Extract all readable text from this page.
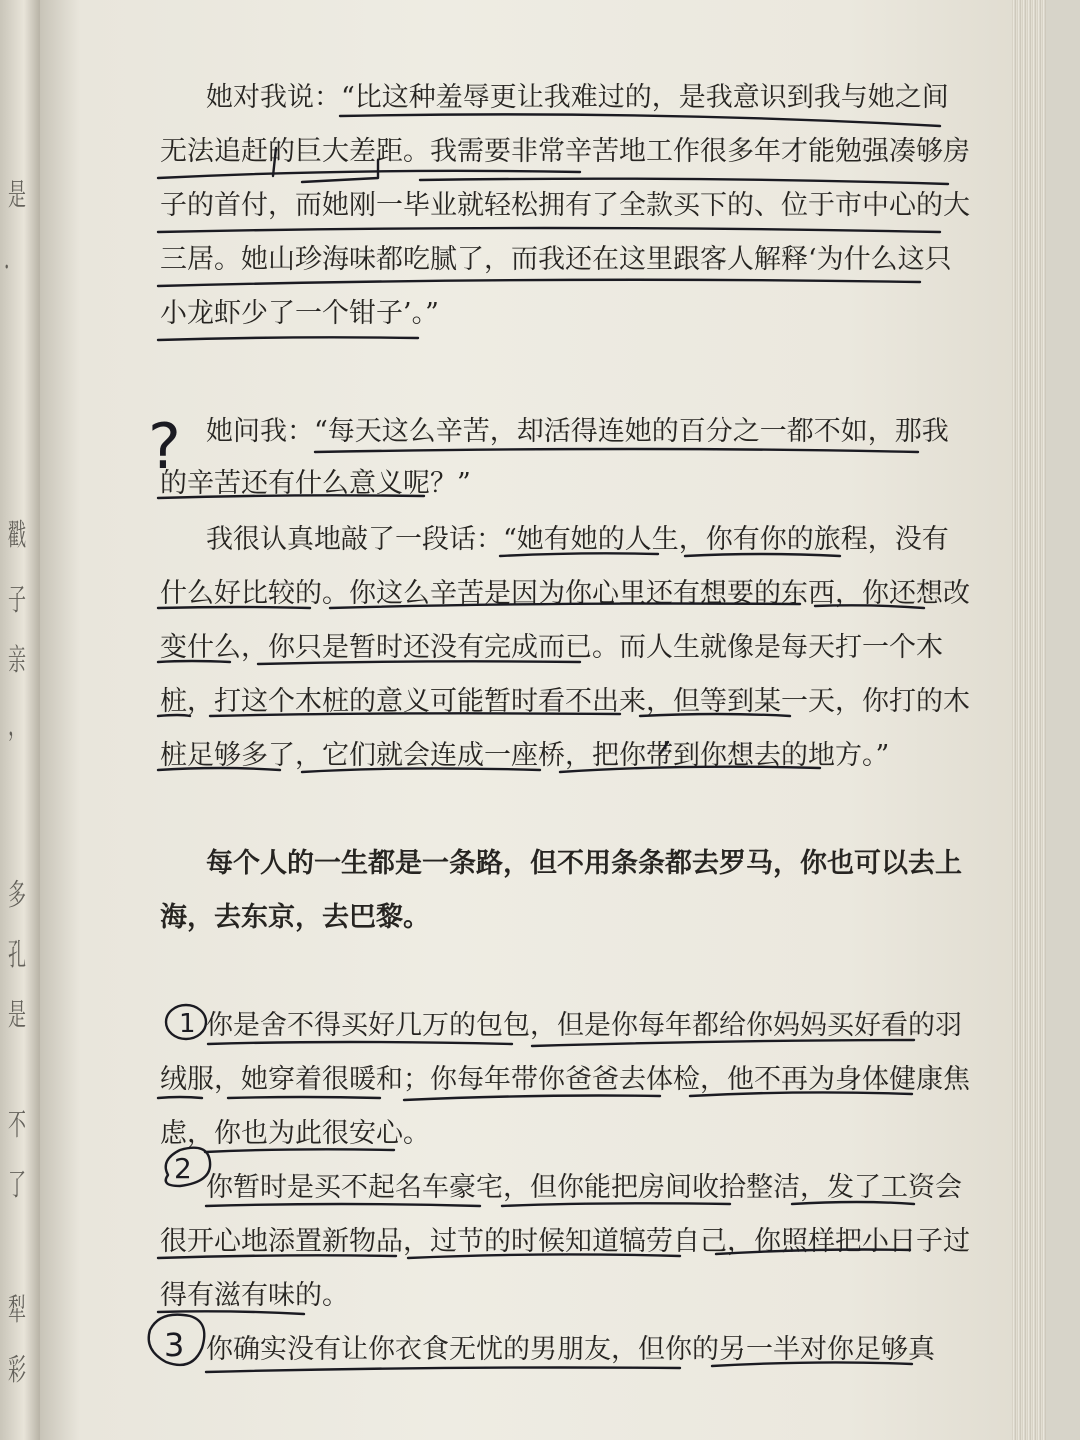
是
·
戳
子
亲
，
多
孔
是
不
了
犁
彩
她对我说：“比这种羞辱更让我难过的，是我意识到我与她之间
无法追赶的巨大差距。我需要非常辛苦地工作很多年才能勉强凑够房
子的首付，而她刚一毕业就轻松拥有了全款买下的、位于市中心的大
三居。她山珍海味都吃腻了，而我还在这里跟客人解释‘为什么这只
小龙虾少了一个钳子’。”
她问我：“每天这么辛苦，却活得连她的百分之一都不如，那我
的辛苦还有什么意义呢？”
我很认真地敲了一段话：“她有她的人生，你有你的旅程，没有
什么好比较的。你这么辛苦是因为你心里还有想要的东西，你还想改
变什么，你只是暂时还没有完成而已。而人生就像是每天打一个木
桩，打这个木桩的意义可能暂时看不出来，但等到某一天，你打的木
桩足够多了，它们就会连成一座桥，把你带到你想去的地方。”
每个人的一生都是一条路，但不用条条都去罗马，你也可以去上
海，去东京，去巴黎。
你是舍不得买好几万的包包，但是你每年都给你妈妈买好看的羽
绒服，她穿着很暖和；你每年带你爸爸去体检，他不再为身体健康焦
虑，你也为此很安心。
你暂时是买不起名车豪宅，但你能把房间收拾整洁，发了工资会
很开心地添置新物品，过节的时候知道犒劳自己，你照样把小日子过
得有滋有味的。
你确实没有让你衣食无忧的男朋友，但你的另一半对你足够真
?
1
2
3
